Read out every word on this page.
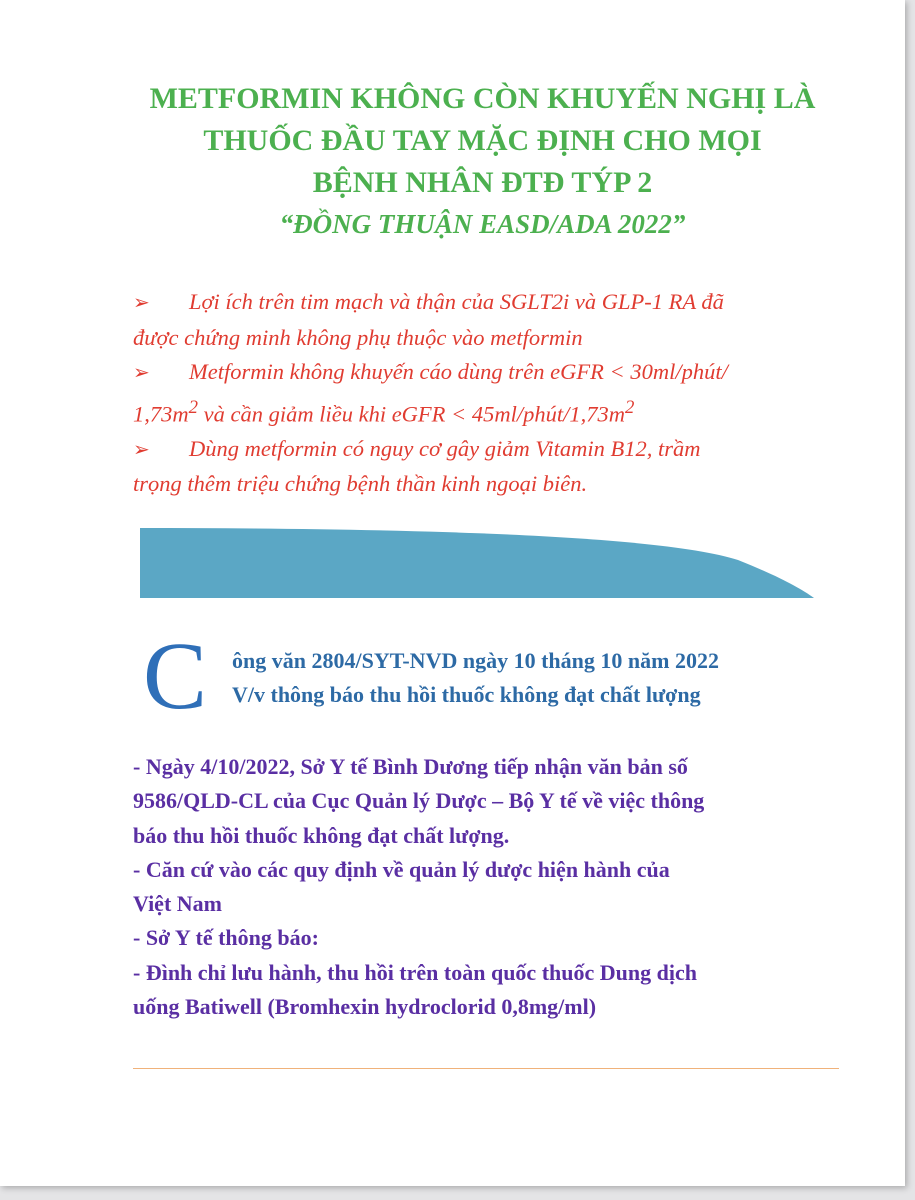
METFORMIN KHÔNG CÒN KHUYẾN NGHỊ LÀ
THUỐC ĐẦU TAY MẶC ĐỊNH CHO MỌI
BỆNH NHÂN ĐTĐ TÝP 2
“ĐỒNG THUẬN EASD/ADA 2022”
➢ Lợi ích trên tim mạch và thận của SGLT2i và GLP-1 RA đã
được chứng minh không phụ thuộc vào metformin
➢ Metformin không khuyến cáo dùng trên eGFR < 30ml/phút/
$1,73m^2$ và cần giảm liều khi eGFR < $45ml/phút/1,73m^2$
➢ Dùng metformin có nguy cơ gây giảm Vitamin B12, trầm
trọng thêm triệu chứng bệnh thần kinh ngoại biên.
C ông văn 2804/SYT-NVD ngày 10 tháng 10 năm 2022
V/v thông báo thu hồi thuốc không đạt chất lượng
- Ngày 4/10/2022, Sở Y tế Bình Dương tiếp nhận văn bản số
9586/QLD-CL của Cục Quản lý Dược – Bộ Y tế về việc thông
báo thu hồi thuốc không đạt chất lượng.
- Căn cứ vào các quy định về quản lý dược hiện hành của
Việt Nam
- Sở Y tế thông báo:
- Đình chỉ lưu hành, thu hồi trên toàn quốc thuốc Dung dịch
uống Batiwell (Bromhexin hydroclorid 0,8mg/ml)
